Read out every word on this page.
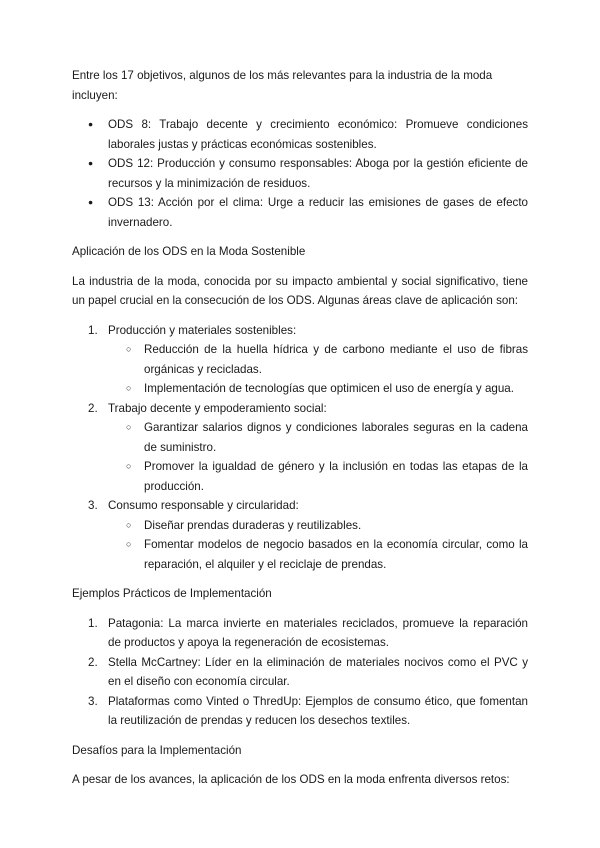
Entre los 17 objetivos, algunos de los más relevantes para la industria de la moda incluyen:

● ODS 8: Trabajo decente y crecimiento económico: Promueve condiciones laborales justas y prácticas económicas sostenibles.
● ODS 12: Producción y consumo responsables: Aboga por la gestión eficiente de recursos y la minimización de residuos.
● ODS 13: Acción por el clima: Urge a reducir las emisiones de gases de efecto invernadero.

Aplicación de los ODS en la Moda Sostenible

La industria de la moda, conocida por su impacto ambiental y social significativo, tiene un papel crucial en la consecución de los ODS. Algunas áreas clave de aplicación son:

1. Producción y materiales sostenibles:
○ Reducción de la huella hídrica y de carbono mediante el uso de fibras orgánicas y recicladas.
○ Implementación de tecnologías que optimicen el uso de energía y agua.
2. Trabajo decente y empoderamiento social:
○ Garantizar salarios dignos y condiciones laborales seguras en la cadena de suministro.
○ Promover la igualdad de género y la inclusión en todas las etapas de la producción.
3. Consumo responsable y circularidad:
○ Diseñar prendas duraderas y reutilizables.
○ Fomentar modelos de negocio basados en la economía circular, como la reparación, el alquiler y el reciclaje de prendas.

Ejemplos Prácticos de Implementación

1. Patagonia: La marca invierte en materiales reciclados, promueve la reparación de productos y apoya la regeneración de ecosistemas.
2. Stella McCartney: Líder en la eliminación de materiales nocivos como el PVC y en el diseño con economía circular.
3. Plataformas como Vinted o ThredUp: Ejemplos de consumo ético, que fomentan la reutilización de prendas y reducen los desechos textiles.

Desafíos para la Implementación

A pesar de los avances, la aplicación de los ODS en la moda enfrenta diversos retos:
